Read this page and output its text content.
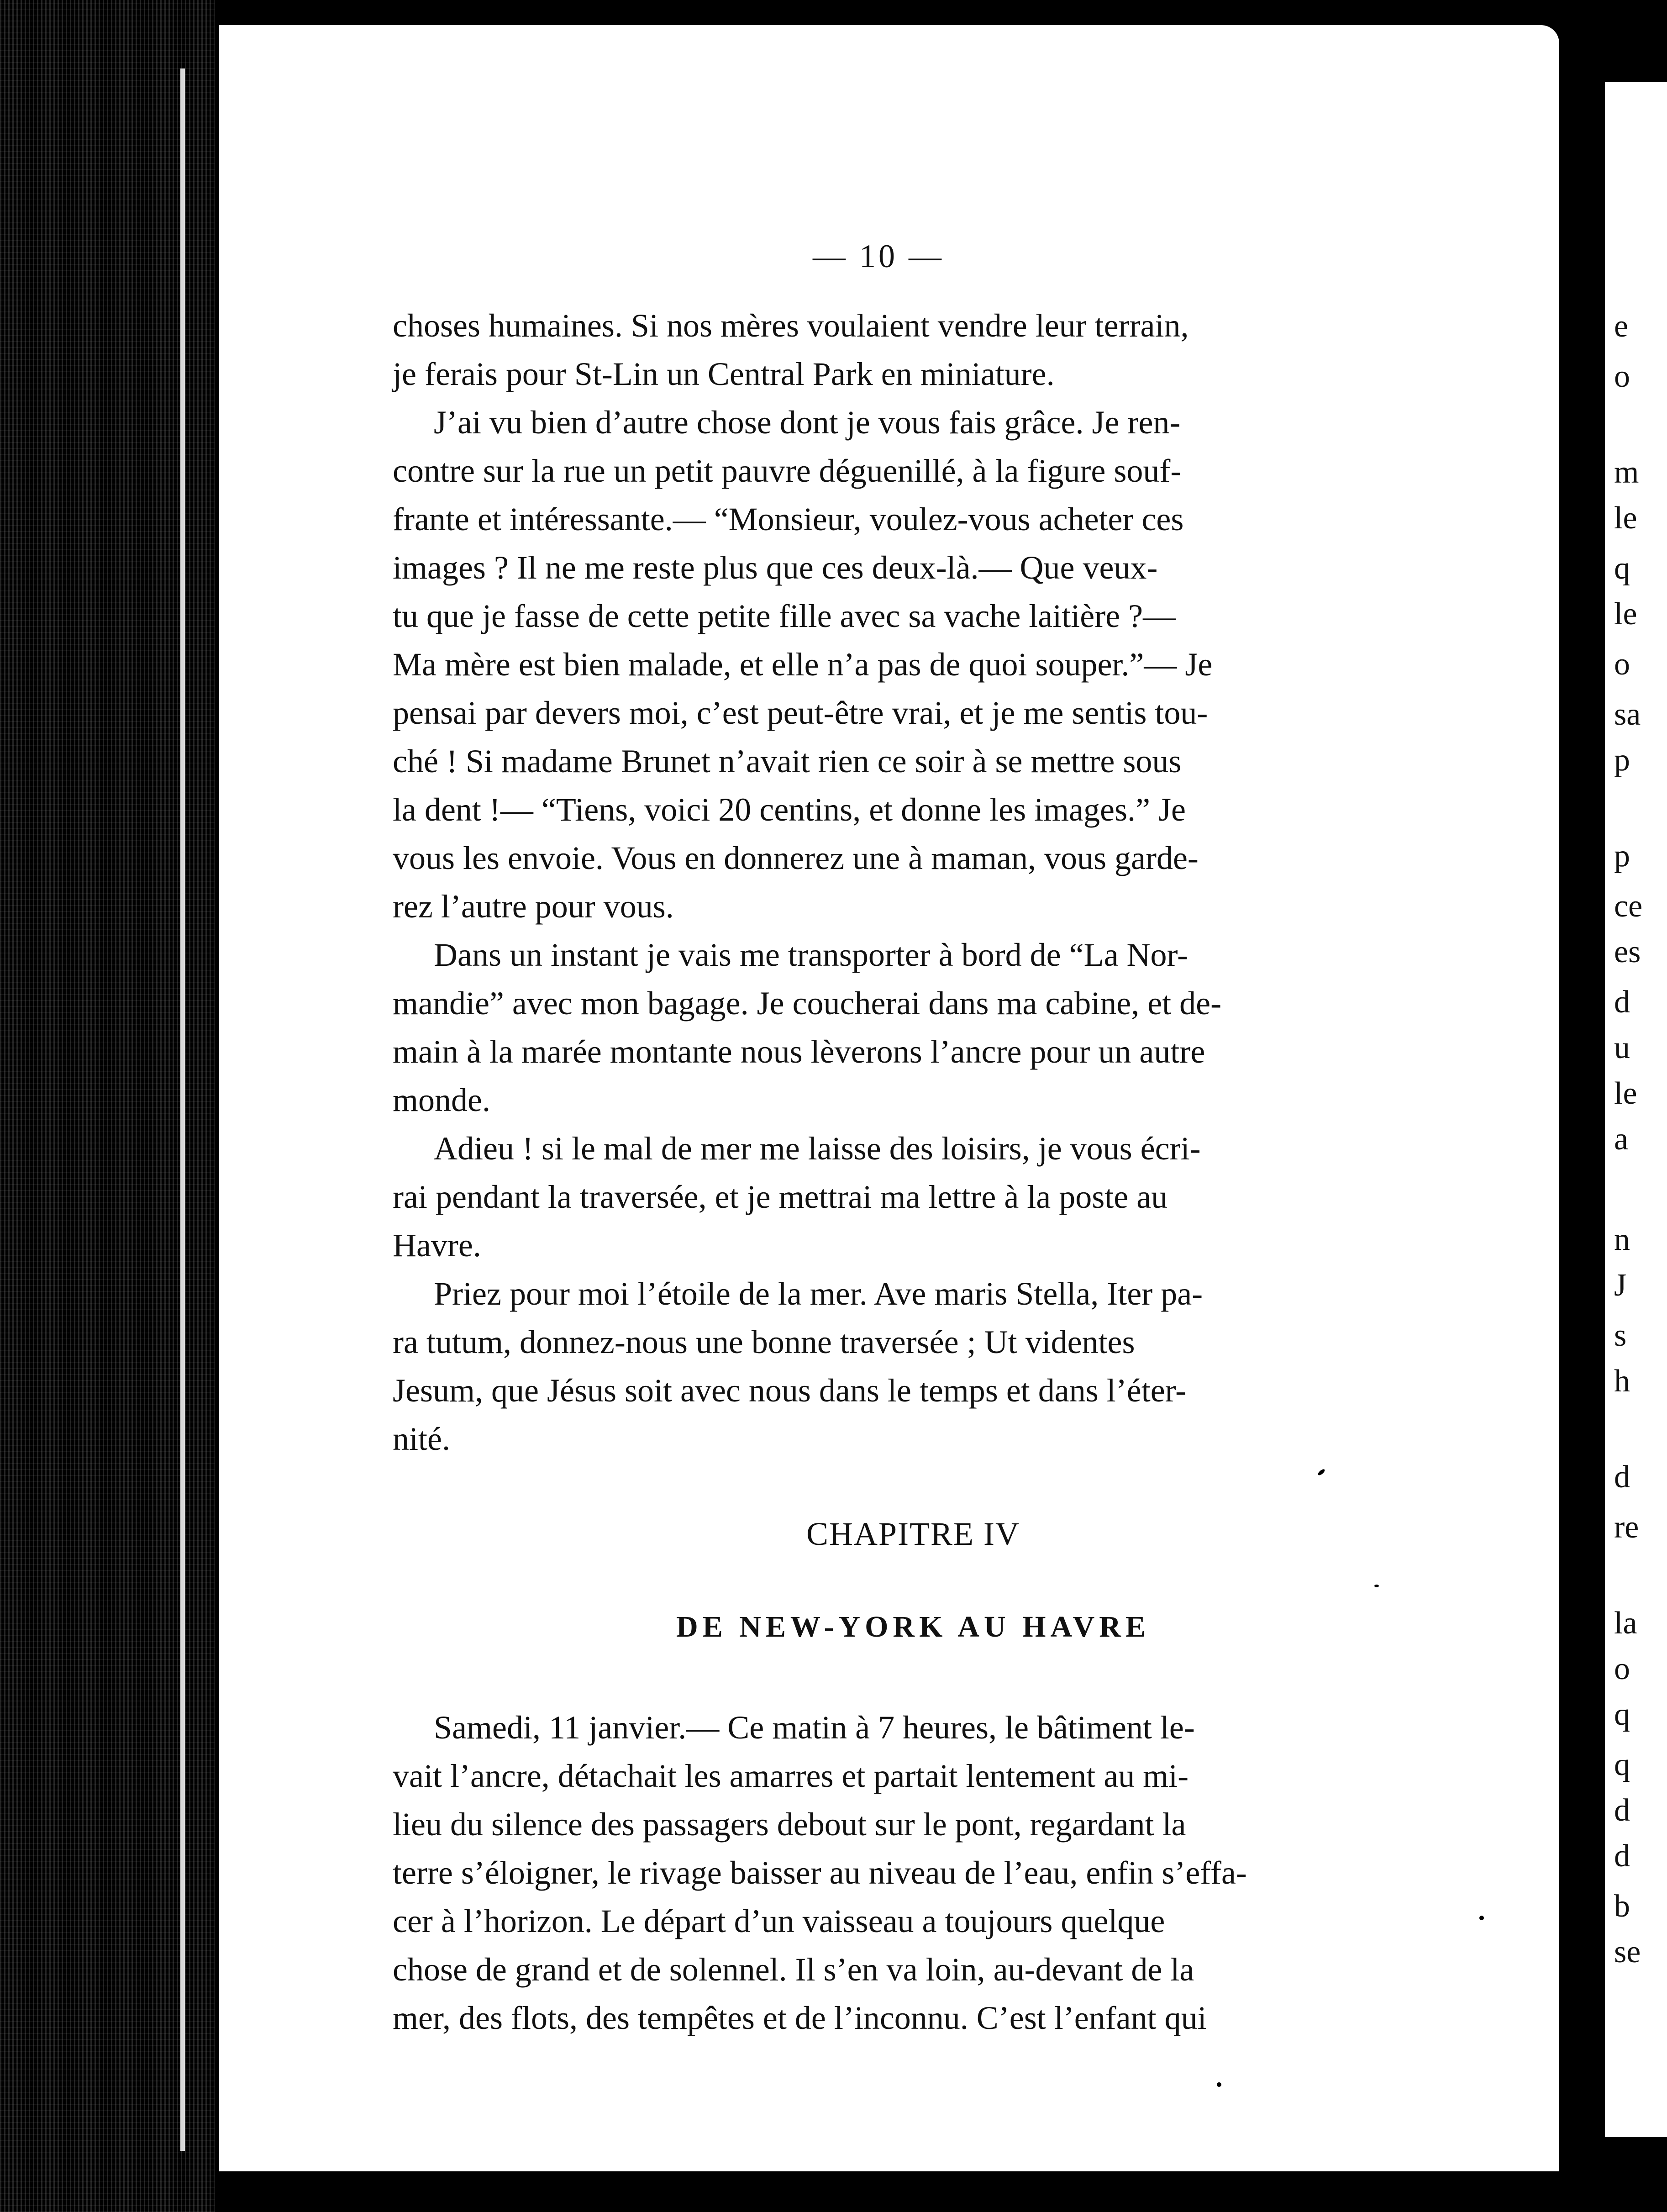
— 10 —

choses humaines. Si nos mères voulaient vendre leur terrain,
je ferais pour St-Lin un Central Park en miniature.

J’ai vu bien d’autre chose dont je vous fais grâce. Je ren-
contre sur la rue un petit pauvre déguenillé, à la figure souf-
frante et intéressante.— “Monsieur, voulez-vous acheter ces
images ? Il ne me reste plus que ces deux-là.— Que veux-
tu que je fasse de cette petite fille avec sa vache laitière ?—
Ma mère est bien malade, et elle n’a pas de quoi souper.”— Je
pensai par devers moi, c’est peut-être vrai, et je me sentis tou-
ché ! Si madame Brunet n’avait rien ce soir à se mettre sous
la dent !— “Tiens, voici 20 centins, et donne les images.” Je
vous les envoie. Vous en donnerez une à maman, vous garde-
rez l’autre pour vous.

Dans un instant je vais me transporter à bord de “La Nor-
mandie” avec mon bagage. Je coucherai dans ma cabine, et de-
main à la marée montante nous lèverons l’ancre pour un autre
monde.

Adieu ! si le mal de mer me laisse des loisirs, je vous écri-
rai pendant la traversée, et je mettrai ma lettre à la poste au
Havre.

Priez pour moi l’étoile de la mer. Ave maris Stella, Iter pa-
ra tutum, donnez-nous une bonne traversée ; Ut videntes
Jesum, que Jésus soit avec nous dans le temps et dans l’éter-
nité.

CHAPITRE IV
DE NEW-YORK AU HAVRE

Samedi, 11 janvier.— Ce matin à 7 heures, le bâtiment le-
vait l’ancre, détachait les amarres et partait lentement au mi-
lieu du silence des passagers debout sur le pont, regardant la
terre s’éloigner, le rivage baisser au niveau de l’eau, enfin s’effa-
cer à l’horizon. Le départ d’un vaisseau a toujours quelque
chose de grand et de solennel. Il s’en va loin, au-devant de la
mer, des flots, des tempêtes et de l’inconnu. C’est l’enfant qui

e
o
m
le
q
le
o
sa
p
p
ce
es
d
u
le
a
n
J
s
h
d
re
la
o
q
q
d
d
b
se
